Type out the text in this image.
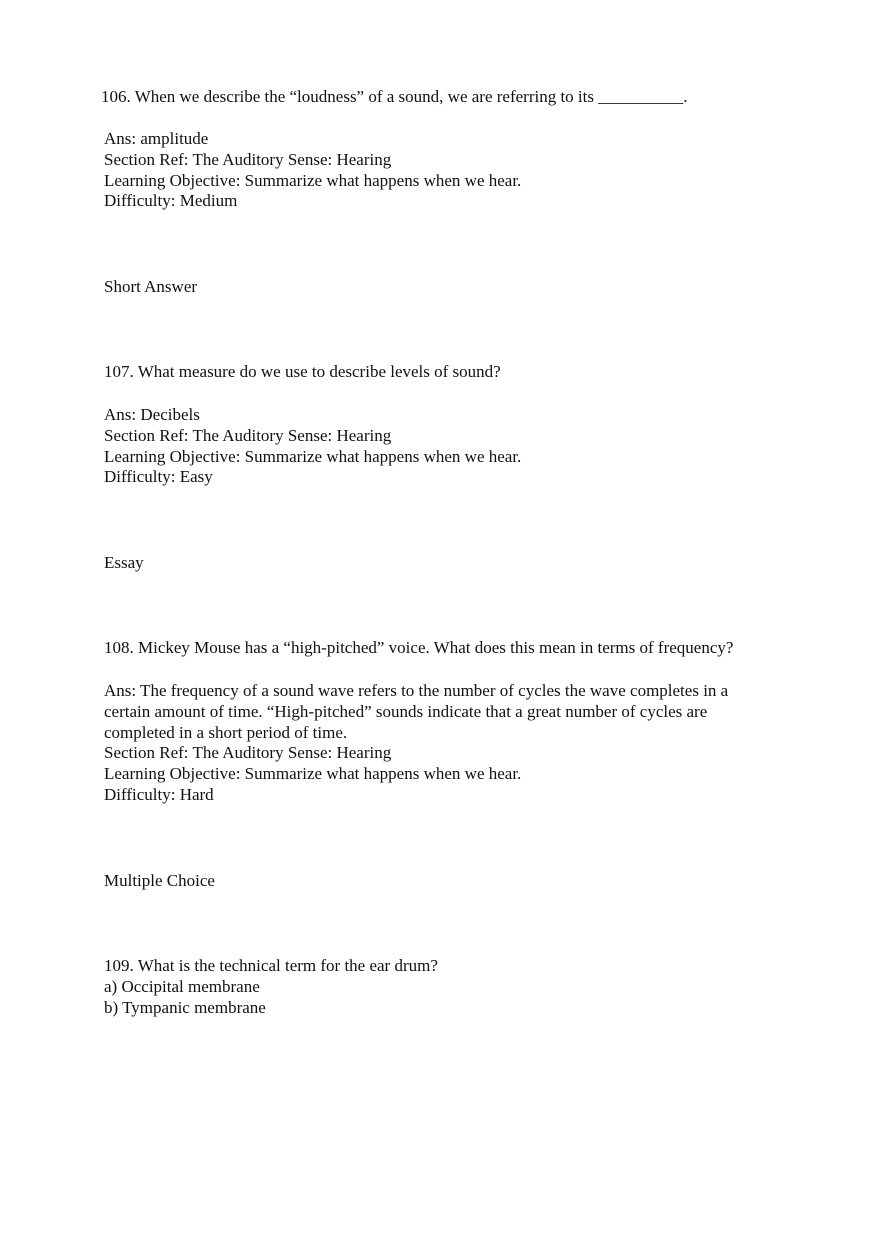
106. When we describe the “loudness” of a sound, we are referring to its __________.

Ans: amplitude

Section Ref: The Auditory Sense: Hearing

Learning Objective: Summarize what happens when we hear.

Difficulty: Medium

Short Answer

107. What measure do we use to describe levels of sound?

Ans: Decibels

Section Ref: The Auditory Sense: Hearing

Learning Objective: Summarize what happens when we hear.

Difficulty: Easy

Essay

108. Mickey Mouse has a “high-pitched” voice. What does this mean in terms of frequency?

Ans: The frequency of a sound wave refers to the number of cycles the wave completes in a

certain amount of time. “High-pitched” sounds indicate that a great number of cycles are

completed in a short period of time.

Section Ref: The Auditory Sense: Hearing

Learning Objective: Summarize what happens when we hear.

Difficulty: Hard

Multiple Choice

109. What is the technical term for the ear drum?

a) Occipital membrane

b) Tympanic membrane
